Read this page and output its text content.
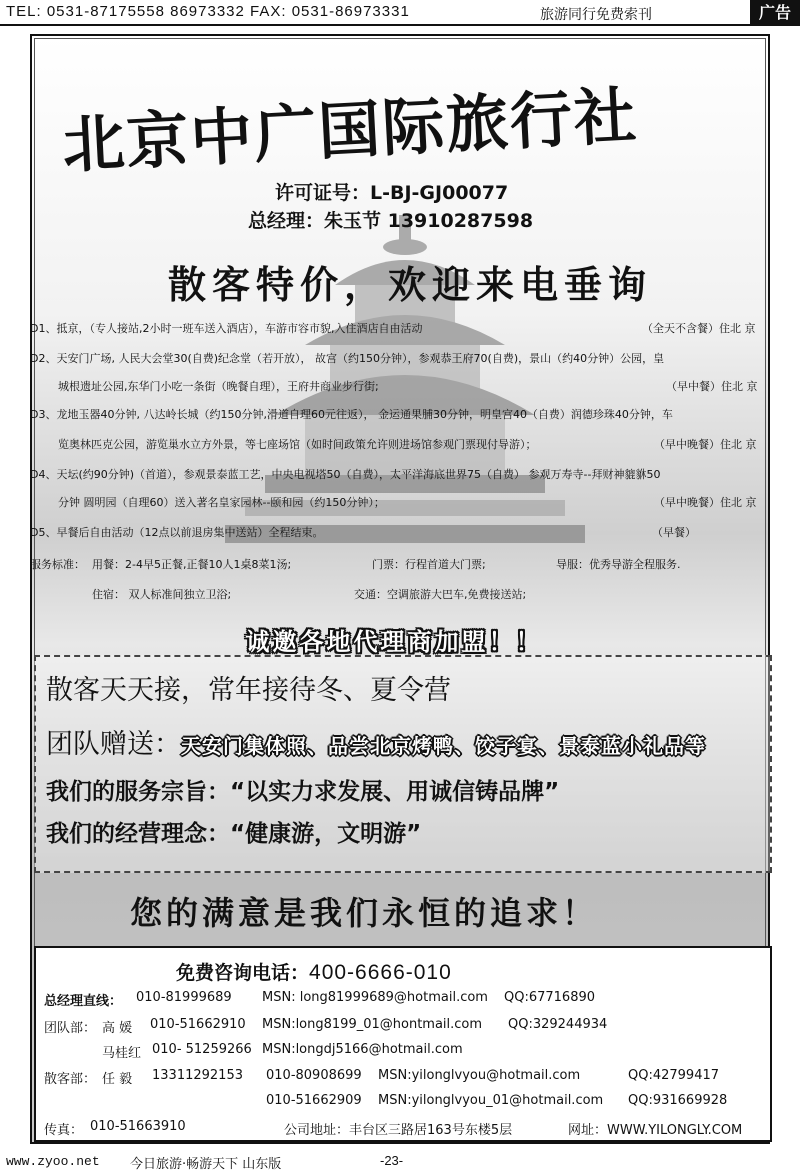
TEL: 0531-87175558 86973332 FAX: 0531-86973331	旅游同行免费索刊	广告
北京中广国际旅行社
许可证号：L-BJ-GJ00077
总经理：朱玉节 13910287598
散客特价，欢迎来电垂询
D1、抵京，（专人接站,2小时一班车送入酒店），车游市容市貌,入住酒店自由活动	（全天不含餐）住北 京
D2、天安门广场, 人民大会堂30(自费)纪念堂（若开放）， 故宫（约150分钟），参观恭王府70(自费)，景山（约40分钟）公园，皇
城根遗址公园,东华门小吃一条街（晚餐自理），王府井商业步行街;	（早中餐）住北 京
D3、龙地玉器40分钟, 八达岭长城（约150分钟,滑道自理60元往返）， 金运通果脯30分钟，明皇宫40（自费）润德珍珠40分钟，车
览奥林匹克公园，游览巢水立方外景，等七座场馆（如时间政策允许则进场馆参观门票现付导游）；	（早中晚餐）住北 京
D4、天坛(约90分钟)（首道），参观景泰蓝工艺，中央电视塔50（自费），太平洋海底世界75（自费） 参观万寿寺--拜财神貔貅50
分钟 圆明园（自理60）送入著名皇家园林--颐和园（约150分钟）；	（早中晚餐）住北 京
D5、早餐后自由活动（12点以前退房集中送站）全程结束。	（早餐）
服务标准： 用餐：2-4早5正餐,正餐10人1桌8菜1汤;	门票：行程首道大门票;	导服：优秀导游全程服务.
住宿： 双人标准间独立卫浴;	交通：空调旅游大巴车,免费接送站;
诚邀各地代理商加盟！！
散客天天接，常年接待冬、夏令营
团队赠送：天安门集体照、品尝北京烤鸭、饺子宴、景泰蓝小礼品等
我们的服务宗旨：“以实力求发展、用诚信铸品牌”
我们的经营理念：“健康游，文明游”
您的满意是我们永恒的追求！
免费咨询电话：400-6666-010
总经理直线： 010-81999689 MSN: long81999689@hotmail.com QQ:67716890
团队部： 高 媛 010-51662910 MSN:long8199_01@hontmail.com QQ:329244934
马桂红 010- 51259266 MSN:longdj5166@hotmail.com
散客部： 任 毅 13311292153 010-80908699 MSN:yilonglvyou@hotmail.com	QQ:42799417
010-51662909 MSN:yilonglvyou_01@hotmail.com QQ:931669928
传真： 010-51663910	公司地址：丰台区三路居163号东楼5层	网址：WWW.YILONGLY.COM
www.zyoo.net 今日旅游·畅游天下 山东版	-23-
